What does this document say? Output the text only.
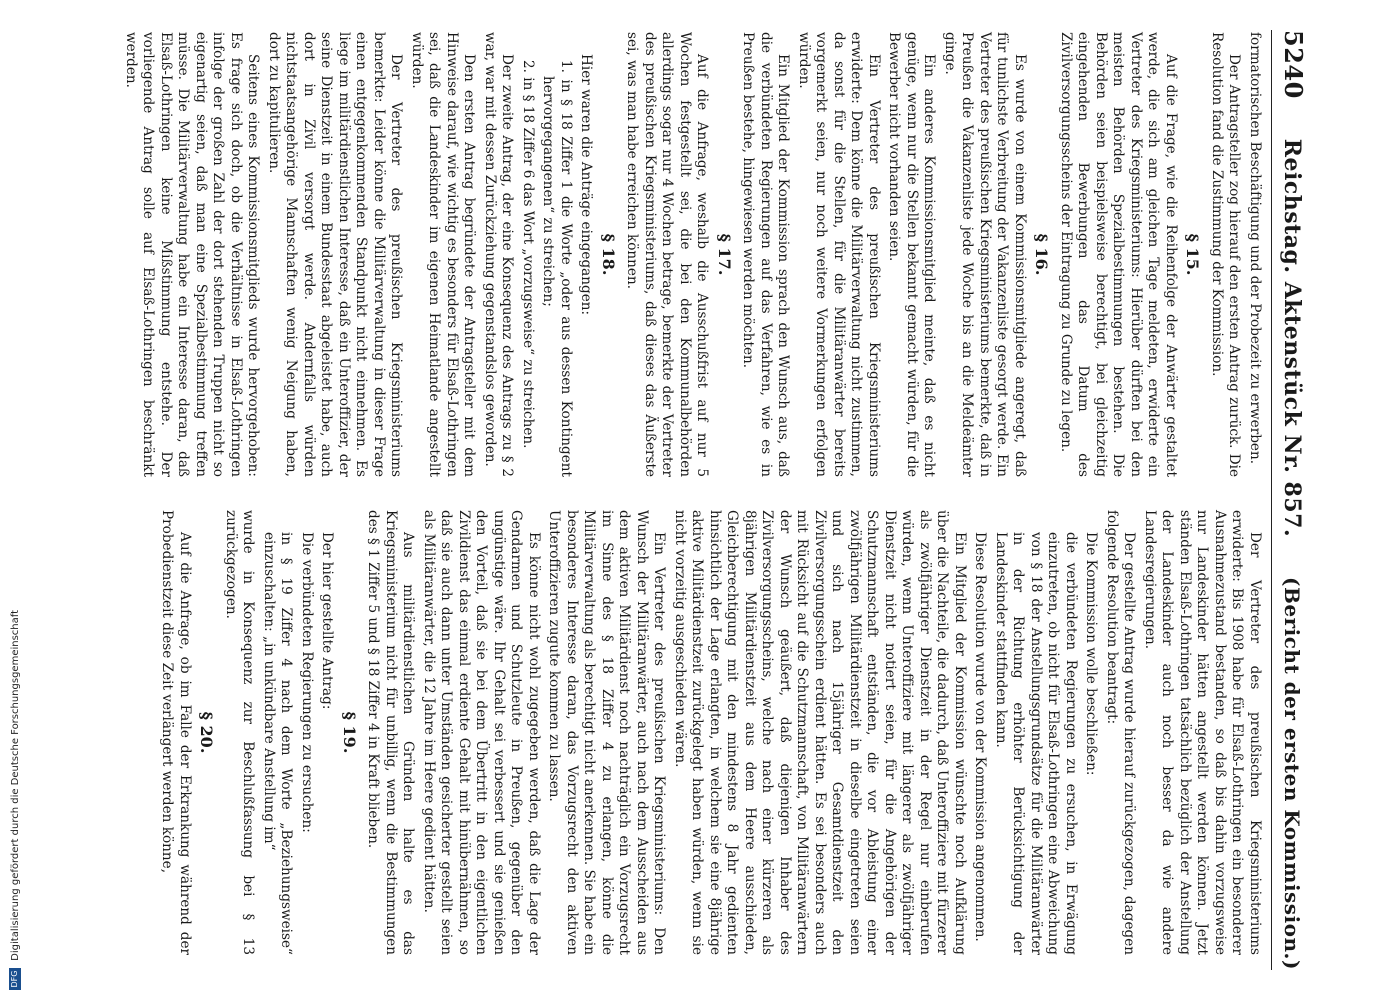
5240
Reichstag. Aktenstück Nr. 857.
(Bericht der ersten Kommission.)

formatorischen Beschäftigung und der Probezeit zu erwerben.

Der Antragsteller zog hierauf den ersten Antrag zurück. Die Resolution fand die Zustimmung der Kommission.

§ 15.

Auf die Frage, wie die Reihenfolge der Anwärter gestaltet werde, die sich am gleichen Tage meldeten, erwiderte ein Vertreter des Kriegsministeriums: Hierüber dürften bei den meisten Behörden Spezialbestimmungen bestehen. Die Behörden seien beispielsweise berechtigt, bei gleichzeitig eingehenden Bewerbungen das Datum des Zivilversorgungsscheins der Eintragung zu Grunde zu legen.

§ 16.

Es wurde von einem Kommissionsmitgliede angeregt, daß für tunlichste Verbreitung der Vakanzenliste gesorgt werde. Ein Vertreter des preußischen Kriegsministeriums bemerkte, daß in Preußen die Vakanzenliste jede Woche bis an die Meldeämter ginge.

Ein anderes Kommissionsmitglied meinte, daß es nicht genüge, wenn nur die Stellen bekannt gemacht würden, für die Bewerber nicht vorhanden seien.

Ein Vertreter des preußischen Kriegsministeriums erwiderte: Dem könne die Militärverwaltung nicht zustimmen, da sonst für die Stellen, für die Militäranwärter bereits vorgemerkt seien, nur noch weitere Vormerkungen erfolgen würden.

Ein Mitglied der Kommission sprach den Wunsch aus, daß die verbündeten Regierungen auf das Verfahren, wie es in Preußen bestehe, hingewiesen werden möchten.

§ 17.

Auf die Anfrage, weshalb die Ausschußfrist auf nur 5 Wochen festgestellt sei, die bei den Kommunalbehörden allerdings sogar nur 4 Wochen betrage, bemerkte der Vertreter des preußischen Kriegsministeriums, daß dieses das Äußerste sei, was man habe erreichen können.

§ 18.

Hier waren die Anträge eingegangen:

1. in § 18 Ziffer 1 die Worte „oder aus dessen Kontingent hervorgegangenen“ zu streichen;

2. in § 18 Ziffer 6 das Wort „vorzugsweise“ zu streichen.

Der zweite Antrag, der eine Konsequenz des Antrags zu § 2 war, war mit dessen Zurückziehung gegenstandslos geworden.

Den ersten Antrag begründete der Antragsteller mit dem Hinweise darauf, wie wichtig es besonders für Elsaß-Lothringen sei, daß die Landeskinder im eigenen Heimatlande angestellt würden.

Der Vertreter des preußischen Kriegsministeriums bemerkte: Leider könne die Militärverwaltung in dieser Frage einen entgegenkommenden Standpunkt nicht einnehmen. Es liege im militärdienstlichen Interesse, daß ein Unteroffizier, der seine Dienstzeit in einem Bundesstaat abgeleistet habe, auch dort in Zivil versorgt werde. Andernfalls würden nichtstaatsangehörige Mannschaften wenig Neigung haben, dort zu kapitulieren.

Seitens eines Kommissionsmitglieds wurde hervorgehoben: Es frage sich doch, ob die Verhältnisse in Elsaß-Lothringen infolge der großen Zahl der dort stehenden Truppen nicht so eigenartig seien, daß man eine Spezialbestimmung treffen müsse. Die Militärverwaltung habe ein Interesse daran, daß Elsaß-Lothringen keine Mißstimmung entstehe. Der vorliegende Antrag solle auf Elsaß-Lothringen beschränkt werden.

Der Vertreter des preußischen Kriegsministeriums erwiderte: Bis 1908 habe für Elsaß-Lothringen ein besonderer Ausnahmezustand bestanden, so daß bis dahin vorzugsweise nur Landeskinder hätten angestellt werden können. Jetzt ständen Elsaß-Lothringen tatsächlich bezüglich der Anstellung der Landeskinder auch noch besser da wie andere Landesregierungen.

Der gestellte Antrag wurde hierauf zurückgezogen, dagegen folgende Resolution beantragt:

Die Kommission wolle beschließen:

die verbündeten Regierungen zu ersuchen, in Erwägung einzutreten, ob nicht für Elsaß-Lothringen eine Abweichung von § 18 der Anstellungsgrundsätze für die Militäranwärter in der Richtung erhöhter Berücksichtigung der Landeskinder stattfinden kann.

Diese Resolution wurde von der Kommission angenommen.

Ein Mitglied der Kommission wünschte noch Aufklärung über die Nachteile, die dadurch, daß Unteroffiziere mit fürzerer als zwölfjähriger Dienstzeit in der Regel nur einberufen würden, wenn Unteroffiziere mit längerer als zwölfjähriger Dienstzeit nicht notiert seien, für die Angehörigen der Schutzmannschaft entständen, die vor Ableistung einer zwölfjährigen Militärdienstzeit in dieselbe eingetreten seien und sich nach 15jähriger Gesamtdienstzeit den Zivilversorgungsschein erdient hätten. Es sei besonders auch mit Rücksicht auf die Schutzmannschaft, von Militäranwärtern der Wunsch geäußert, daß diejenigen Inhaber des Zivilversorgungsscheins, welche nach einer kürzeren als 8jährigen Militärdienstzeit aus dem Heere ausschieden, Gleichberechtigung mit den mindestens 8 Jahr gedienten hinsichtlich der Lage erlangten, in welchem sie eine 8jährige aktive Militärdienstzeit zurückgelegt haben würden, wenn sie nicht vorzeitig ausgeschieden wären.

Ein Vertreter des preußischen Kriegsministeriums: Den Wunsch der Militäranwärter, auch nach dem Ausscheiden aus dem aktiven Militärdienst noch nachträglich ein Vorzugsrecht im Sinne des § 18 Ziffer 4 zu erlangen, könne die Militärverwaltung als berechtigt nicht anerkennen. Sie habe ein besonderes Interesse daran, das Vorzugsrecht den aktiven Unteroffizieren zugute kommen zu lassen.

Es könne nicht wohl zugegeben werden, daß die Lage der Gendarmen und Schutzleute in Preußen, gegenüber den ungünstige wäre. Ihr Gehalt sei verbessert und sie genießen den Vorteil, daß sie bei dem Übertritt in den eigentlichen Zivildienst das einmal erdiente Gehalt mit hinübernähmen, so daß sie auch dann unter Umständen gesicherter gestellt seien als Militäranwärter, die 12 Jahre im Heere gedient hätten.

Aus militärdienstlichen Gründen halte es das Kriegsministerium nicht für unbillig, wenn die Bestimmungen des § 1 Ziffer 5 und § 18 Ziffer 4 in Kraft blieben.

§ 19.

Der hier gestellte Antrag:

Die verbündeten Regierungen zu ersuchen:

in § 19 Ziffer 4 nach dem Worte „Beziehungsweise“ einzuschalten: „in unkündbare Anstellung im“

wurde in Konsequenz zur Beschlußfassung bei § 13 zurückgezogen.

§ 20.

Auf die Anfrage, ob im Falle der Erkrankung während der Probedienstzeit diese Zeit verlängert werden könne,

DFG Digitalisierung gefördert durch die Deutsche Forschungsgemeinschaft
